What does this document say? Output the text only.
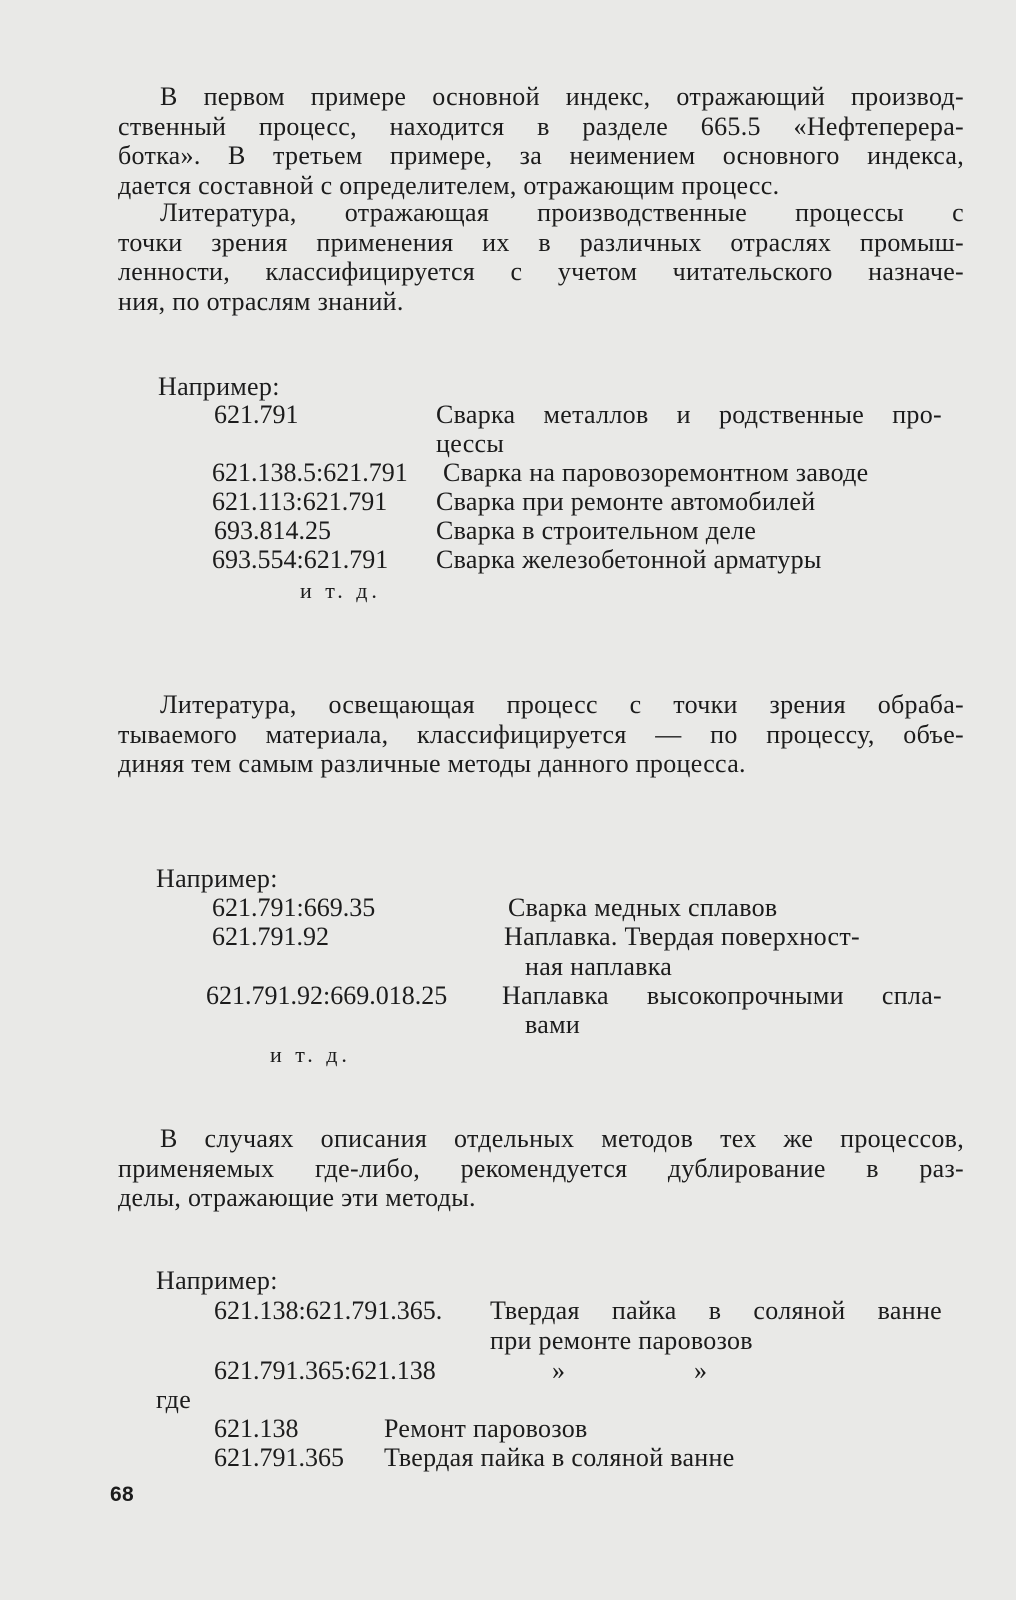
В первом примере основной индекс, отражающий производ-
ственный процесс, находится в разделе 665.5 «Нефтеперера-
ботка». В третьем примере, за неимением основного индекса,
дается составной с определителем, отражающим процесс.
Литература, отражающая производственные процессы с
точки зрения применения их в различных отраслях промыш-
ленности, классифицируется с учетом читательского назначе-
ния, по отраслям знаний.
Например:
621.791	Сварка металлов и родственные про-
цессы
621.138.5:621.791 Сварка на паровозоремонтном заводе
621.113:621.791 Сварка при ремонте автомобилей
693.814.25	Сварка в строительном деле
693.554:621.791 Сварка железобетонной арматуры
и т. д.
Литература, освещающая процесс с точки зрения обраба-
тываемого материала, классифицируется — по процессу, объе-
диняя тем самым различные методы данного процесса.
Например:
621.791:669.35	Сварка медных сплавов
621.791.92	Наплавка. Твердая поверхност-
ная наплавка
621.791.92:669.018.25 Наплавка высокопрочными спла-
вами
и т. д.
В случаях описания отдельных методов тех же процессов,
применяемых где-либо, рекомендуется дублирование в раз-
делы, отражающие эти методы.
Например:
621.138:621.791.365. Твердая пайка в соляной ванне
при ремонте паровозов
621.791.365:621.138	»	»
где
621.138	Ремонт паровозов
621.791.365 Твердая пайка в соляной ванне
68
